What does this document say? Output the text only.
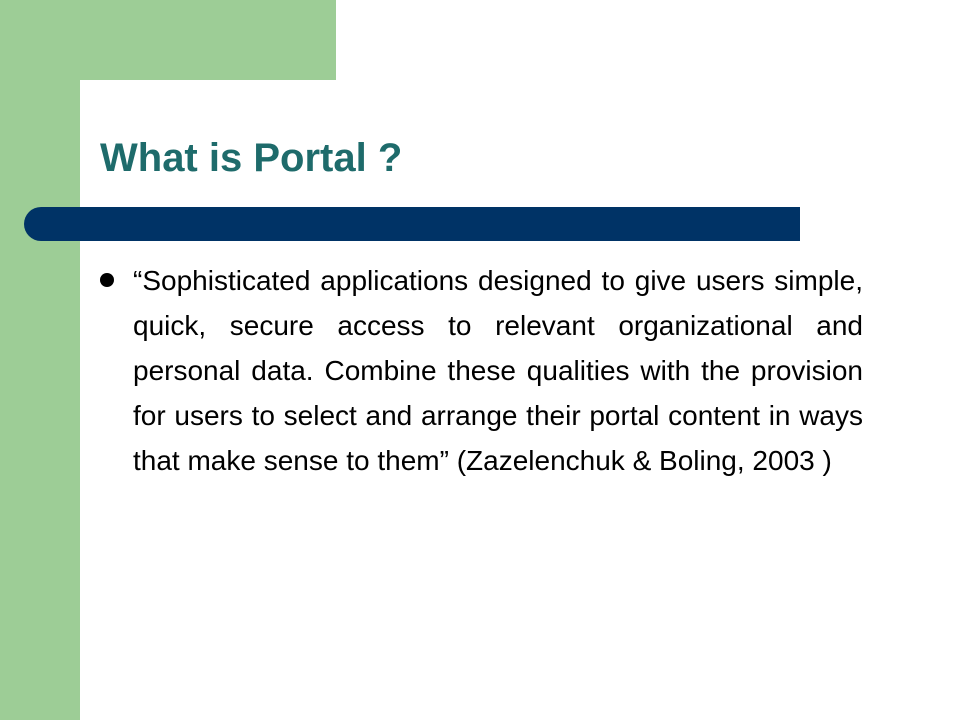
What is Portal ?

“Sophisticated applications designed to give users simple, quick, secure access to relevant organizational and personal data. Combine these qualities with the provision for users to select and arrange their portal content in ways that make sense to them” (Zazelenchuk & Boling, 2003 )
